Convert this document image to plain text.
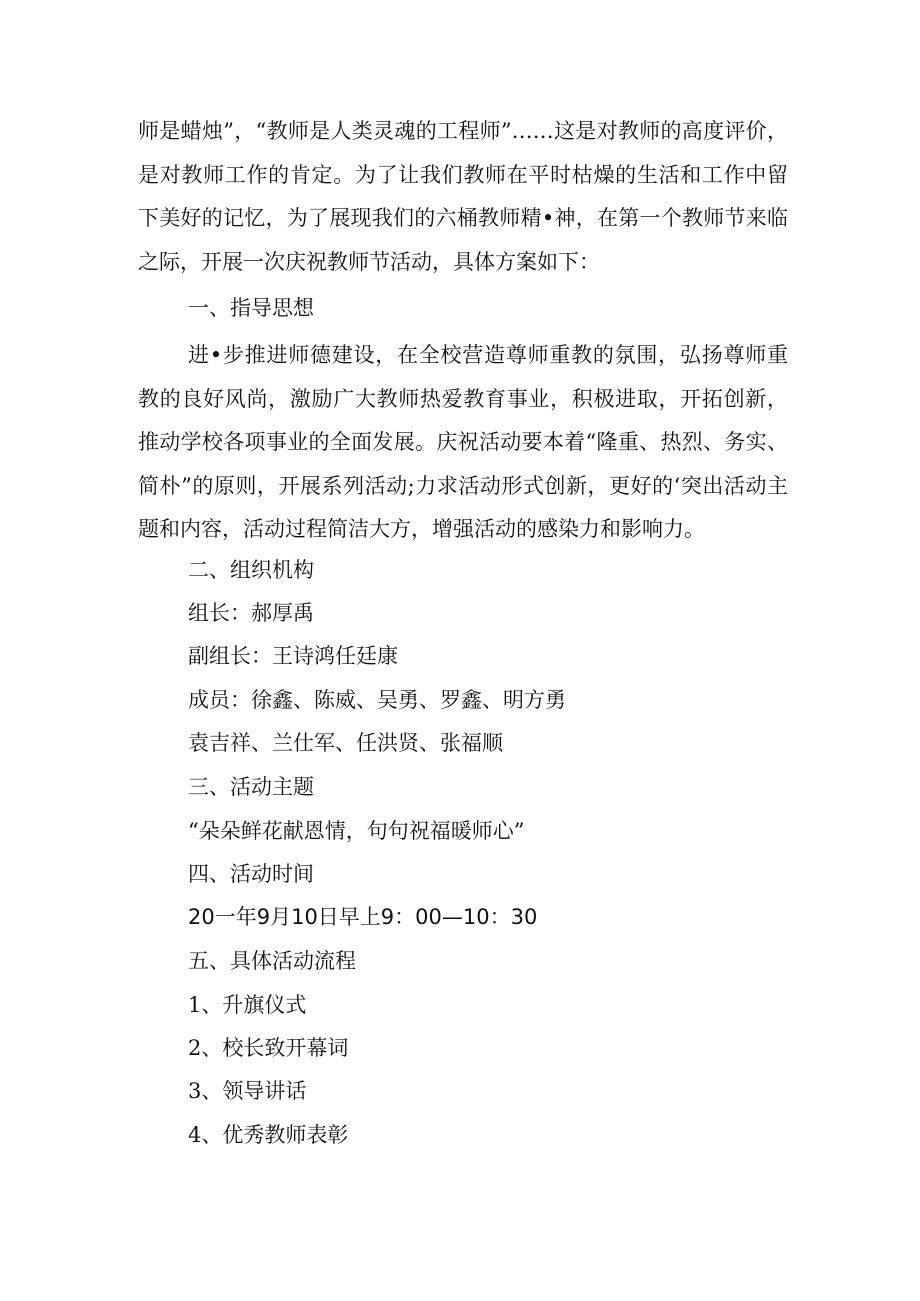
师是蜡烛”，“教师是人类灵魂的工程师”……这是对教师的高度评价，是对教师工作的肯定。为了让我们教师在平时枯燥的生活和工作中留下美好的记忆，为了展现我们的六桶教师精•神，在第一个教师节来临之际，开展一次庆祝教师节活动，具体方案如下：

一、指导思想

进•步推进师德建设，在全校营造尊师重教的氛围，弘扬尊师重教的良好风尚，激励广大教师热爱教育事业，积极进取，开拓创新，推动学校各项事业的全面发展。庆祝活动要本着“隆重、热烈、务实、简朴”的原则，开展系列活动;力求活动形式创新，更好的‘突出活动主题和内容，活动过程简洁大方，增强活动的感染力和影响力。

二、组织机构
组长：郝厚禹
副组长：王诗鸿任廷康
成员：徐鑫、陈威、吴勇、罗鑫、明方勇
袁吉祥、兰仕军、任洪贤、张福顺
三、活动主题
“朵朵鲜花献恩情，句句祝福暖师心”
四、活动时间
20一年9月10日早上9：00—10：30
五、具体活动流程
1、升旗仪式
2、校长致开幕词
3、领导讲话
4、优秀教师表彰
